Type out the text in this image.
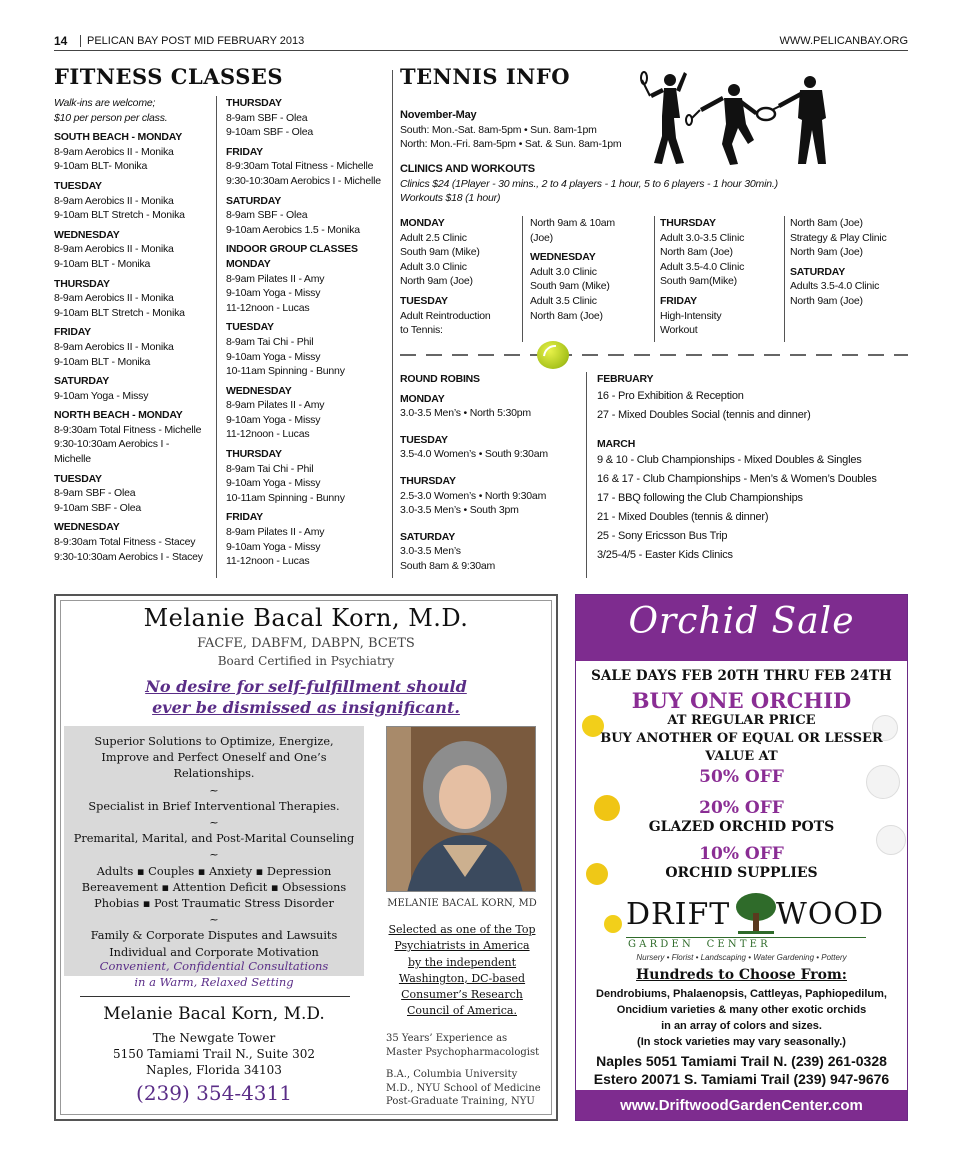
14	PELICAN BAY POST MID FEBRUARY 2013	WWW.PELICANBAY.ORG
FITNESS CLASSES
Walk-ins are welcome;
$10 per person per class.
SOUTH BEACH - MONDAY
8-9am Aerobics II - Monika
9-10am BLT- Monika
TUESDAY
8-9am Aerobics II - Monika
9-10am BLT Stretch - Monika
WEDNESDAY
8-9am Aerobics II - Monika
9-10am BLT - Monika
THURSDAY
8-9am Aerobics II - Monika
9-10am BLT Stretch - Monika
FRIDAY
8-9am Aerobics II - Monika
9-10am BLT - Monika
SATURDAY
9-10am Yoga - Missy
NORTH BEACH - MONDAY
8-9:30am Total Fitness - Michelle
9:30-10:30am Aerobics I -
Michelle
TUESDAY
8-9am SBF - Olea
9-10am SBF - Olea
WEDNESDAY
8-9:30am Total Fitness - Stacey
9:30-10:30am Aerobics I - Stacey
THURSDAY
8-9am SBF - Olea
9-10am SBF - Olea
FRIDAY
8-9:30am Total Fitness - Michelle
9:30-10:30am Aerobics I - Michelle
SATURDAY
8-9am SBF - Olea
9-10am Aerobics 1.5 - Monika
INDOOR GROUP CLASSES
MONDAY
8-9am Pilates II - Amy
9-10am Yoga - Missy
11-12noon - Lucas
TUESDAY
8-9am Tai Chi - Phil
9-10am Yoga - Missy
10-11am Spinning - Bunny
WEDNESDAY
8-9am Pilates II - Amy
9-10am Yoga - Missy
11-12noon - Lucas
THURSDAY
8-9am Tai Chi - Phil
9-10am Yoga - Missy
10-11am Spinning - Bunny
FRIDAY
8-9am Pilates II - Amy
9-10am Yoga - Missy
11-12noon - Lucas
TENNIS INFO
November-May
South: Mon.-Sat. 8am-5pm • Sun. 8am-1pm
North: Mon.-Fri. 8am-5pm • Sat. & Sun. 8am-1pm
CLINICS AND WORKOUTS
Clinics $24 (1Player - 30 mins., 2 to 4 players - 1 hour, 5 to 6 players - 1 hour 30min.)
Workouts $18 (1 hour)
MONDAY
Adult 2.5 Clinic
South 9am (Mike)
Adult 3.0 Clinic
North 9am (Joe)
TUESDAY
Adult Reintroduction
to Tennis:
North 9am & 10am
(Joe)
WEDNESDAY
Adult 3.0 Clinic
South 9am (Mike)
Adult 3.5 Clinic
North 8am (Joe)
THURSDAY
Adult 3.0-3.5 Clinic
North 8am (Joe)
Adult 3.5-4.0 Clinic
South 9am(Mike)
FRIDAY
High-Intensity
Workout
North 8am (Joe)
Strategy & Play Clinic
North 9am (Joe)
SATURDAY
Adults 3.5-4.0 Clinic
North 9am (Joe)
ROUND ROBINS
MONDAY
3.0-3.5 Men’s • North 5:30pm
TUESDAY
3.5-4.0 Women’s • South 9:30am
THURSDAY
2.5-3.0 Women’s • North 9:30am
3.0-3.5 Men’s • South 3pm
SATURDAY
3.0-3.5 Men’s
South 8am & 9:30am
FEBRUARY
16 - Pro Exhibition & Reception
27 - Mixed Doubles Social (tennis and dinner)
MARCH
9 & 10 - Club Championships - Mixed Doubles & Singles
16 & 17 - Club Championships - Men’s & Women’s Doubles
17 - BBQ following the Club Championships
21 - Mixed Doubles (tennis & dinner)
25 - Sony Ericsson Bus Trip
3/25-4/5 - Easter Kids Clinics
Melanie Bacal Korn, M.D.
FACFE, DABFM, DABPN, BCETS
Board Certified in Psychiatry
No desire for self-fulfillment should
ever be dismissed as insignificant.
Superior Solutions to Optimize, Energize,
Improve and Perfect Oneself and One’s Relationships.
~
Specialist in Brief Interventional Therapies.
~
Premarital, Marital, and Post-Marital Counseling
~
Adults ▪ Couples ▪ Anxiety ▪ Depression
Bereavement ▪ Attention Deficit ▪ Obsessions
Phobias ▪ Post Traumatic Stress Disorder
~
Family & Corporate Disputes and Lawsuits
Individual and Corporate Motivation
Convenient, Confidential Consultations
in a Warm, Relaxed Setting
Melanie Bacal Korn, M.D.
The Newgate Tower
5150 Tamiami Trail N., Suite 302
Naples, Florida 34103
(239) 354-4311
MELANIE BACAL KORN, MD
Selected as one of the Top
Psychiatrists in America
by the independent
Washington, DC-based
Consumer’s Research
Council of America.
35 Years’ Experience as
Master Psychopharmacologist
B.A., Columbia University
M.D., NYU School of Medicine
Post-Graduate Training, NYU
Orchid Sale
SALE DAYS FEB 20TH THRU FEB 24TH
BUY ONE ORCHID
AT REGULAR PRICE
BUY ANOTHER OF EQUAL OR LESSER
VALUE AT
50% OFF
20% OFF
GLAZED ORCHID POTS
10% OFF
ORCHID SUPPLIES
DRIFT WOOD
G A R D E N     C E N T E R
Nursery • Florist • Landscaping • Water Gardening • Pottery
Hundreds to Choose From:
Dendrobiums, Phalaenopsis, Cattleyas, Paphiopedilum,
Oncidium varieties & many other exotic orchids
in an array of colors and sizes.
(In stock varieties may vary seasonally.)
Naples 5051 Tamiami Trail N. (239) 261-0328
Estero 20071 S. Tamiami Trail (239) 947-9676
www.DriftwoodGardenCenter.com
